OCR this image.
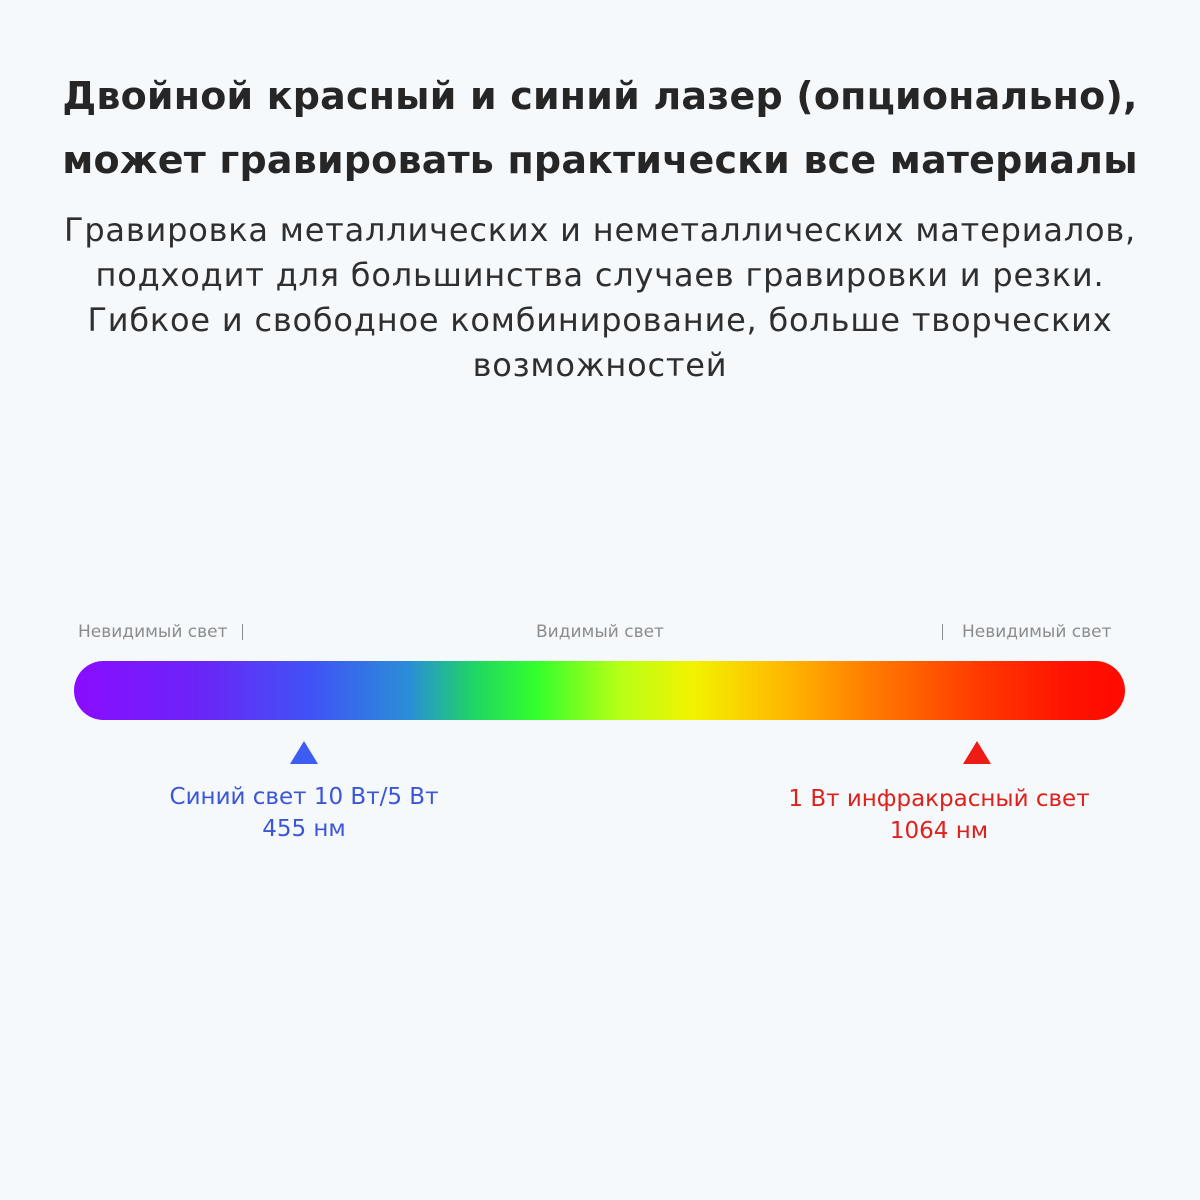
Двойной красный и синий лазер (опционально),
может гравировать практически все материалы
Гравировка металлических и неметаллических материалов,
подходит для большинства случаев гравировки и резки.
Гибкое и свободное комбинирование, больше творческих
возможностей
Невидимый свет	Видимый свет	Невидимый свет
Синий свет 10 Вт/5 Вт
455 нм
1 Вт инфракрасный свет
1064 нм
